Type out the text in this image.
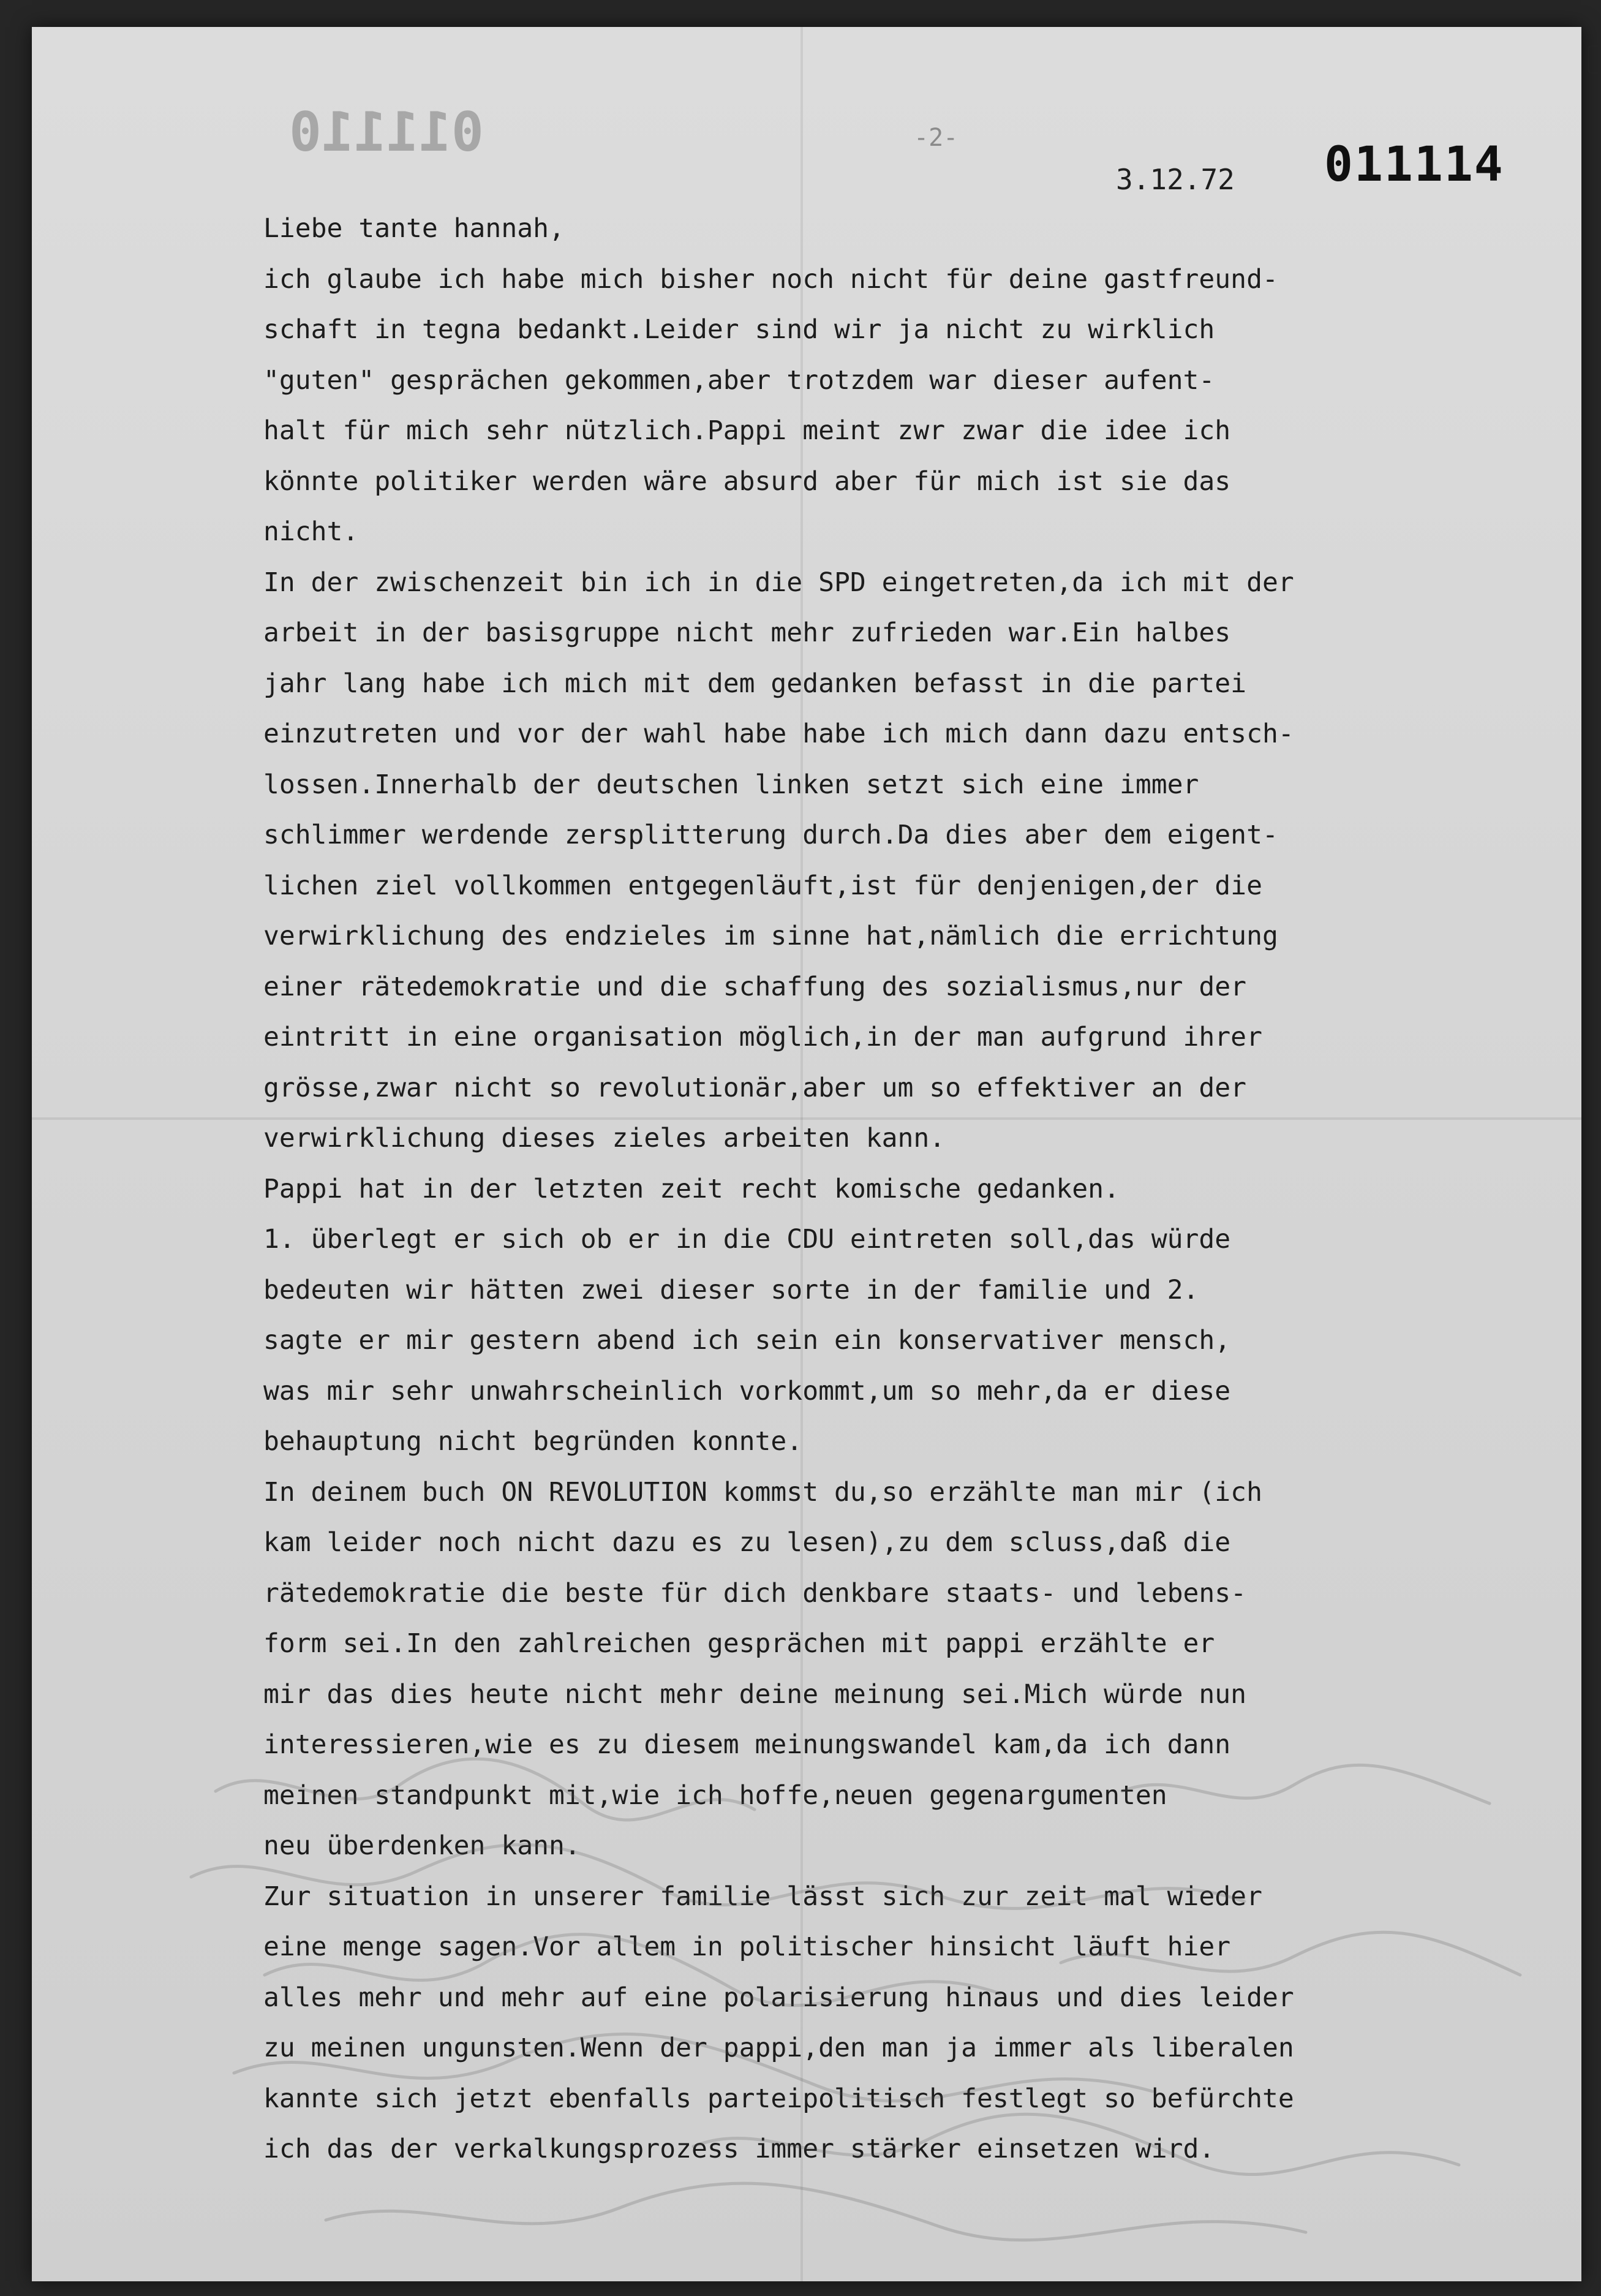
011110	-2-
3.12.72 011114
Liebe tante hannah,
ich glaube ich habe mich bisher noch nicht für deine gastfreund-
schaft in tegna bedankt.Leider sind wir ja nicht zu wirklich
"guten" gesprächen gekommen,aber trotzdem war dieser aufent-
halt für mich sehr nützlich.Pappi meint zwr zwar die idee ich
könnte politiker werden wäre absurd aber für mich ist sie das
nicht.
In der zwischenzeit bin ich in die SPD eingetreten,da ich mit der
arbeit in der basisgruppe nicht mehr zufrieden war.Ein halbes
jahr lang habe ich mich mit dem gedanken befasst in die partei
einzutreten und vor der wahl habe habe ich mich dann dazu entsch-
lossen.Innerhalb der deutschen linken setzt sich eine immer
schlimmer werdende zersplitterung durch.Da dies aber dem eigent-
lichen ziel vollkommen entgegenläuft,ist für denjenigen,der die
verwirklichung des endzieles im sinne hat,nämlich die errichtung
einer rätedemokratie und die schaffung des sozialismus,nur der
eintritt in eine organisation möglich,in der man aufgrund ihrer
grösse,zwar nicht so revolutionär,aber um so effektiver an der
verwirklichung dieses zieles arbeiten kann.
Pappi hat in der letzten zeit recht komische gedanken.
1. überlegt er sich ob er in die CDU eintreten soll,das würde
bedeuten wir hätten zwei dieser sorte in der familie und 2.
sagte er mir gestern abend ich sein ein konservativer mensch,
was mir sehr unwahrscheinlich vorkommt,um so mehr,da er diese
behauptung nicht begründen konnte.
In deinem buch ON REVOLUTION kommst du,so erzählte man mir (ich
kam leider noch nicht dazu es zu lesen),zu dem scluss,daß die
rätedemokratie die beste für dich denkbare staats- und lebens-
form sei.In den zahlreichen gesprächen mit pappi erzählte er
mir das dies heute nicht mehr deine meinung sei.Mich würde nun
interessieren,wie es zu diesem meinungswandel kam,da ich dann
meinen standpunkt mit,wie ich hoffe,neuen gegenargumenten
neu überdenken kann.
Zur situation in unserer familie lässt sich zur zeit mal wieder
eine menge sagen.Vor allem in politischer hinsicht läuft hier
alles mehr und mehr auf eine polarisierung hinaus und dies leider
zu meinen ungunsten.Wenn der pappi,den man ja immer als liberalen
kannte sich jetzt ebenfalls parteipolitisch festlegt so befürchte
ich das der verkalkungsprozess immer stärker einsetzen wird.
